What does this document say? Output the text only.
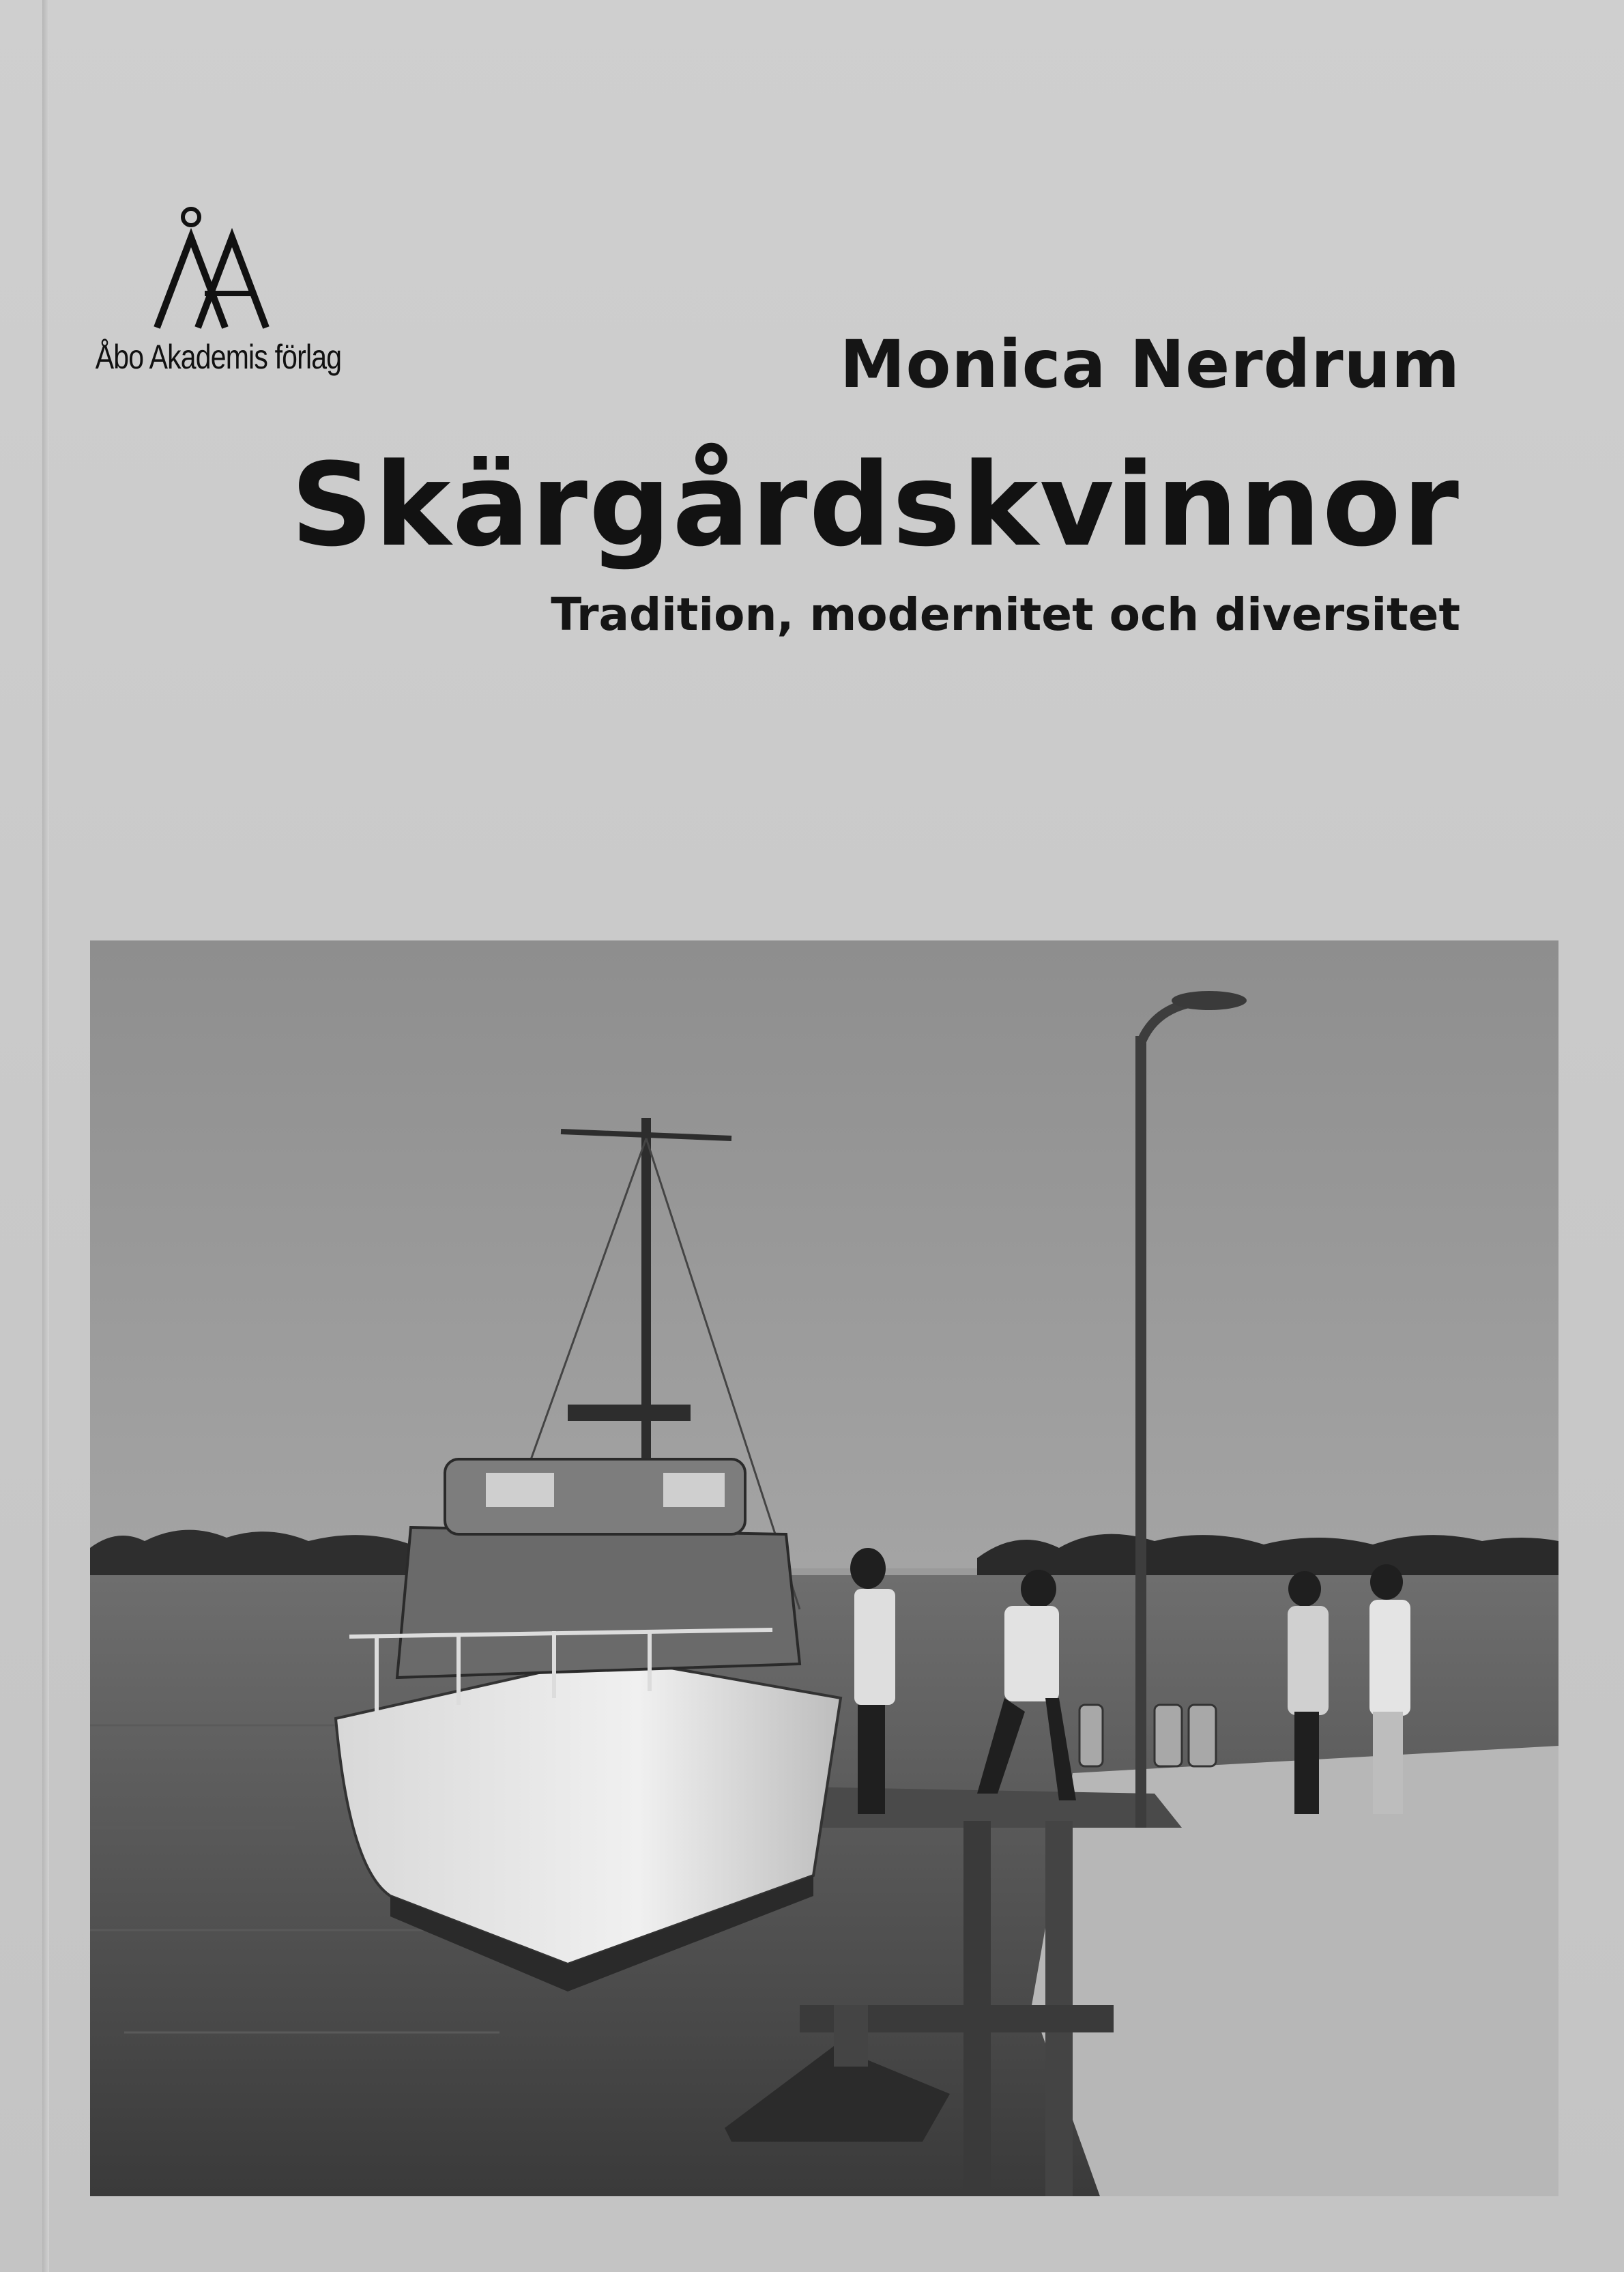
Åbo Akademis förlag	Monica Nerdrum
Skärgårdskvinnor
Tradition, modernitet och diversitet
